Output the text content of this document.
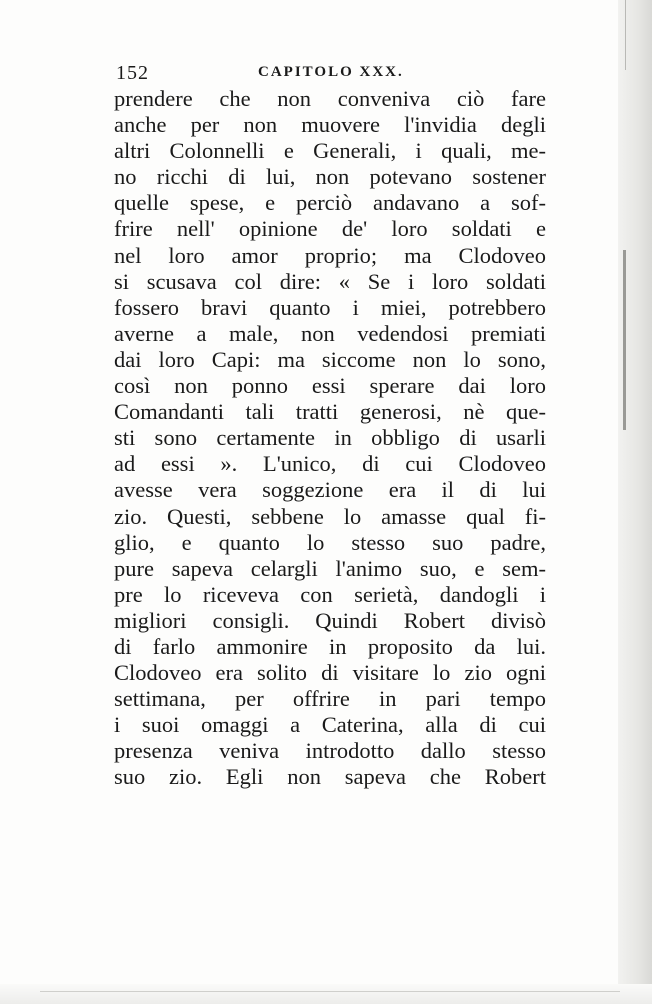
152	CAPITOLO XXX.
prendere che non conveniva ciò fare
anche per non muovere l'invidia degli
altri Colonnelli e Generali, i quali, me-
no ricchi di lui, non potevano sostener
quelle spese, e perciò andavano a sof-
frire nell' opinione de' loro soldati e
nel loro amor proprio; ma Clodoveo
si scusava col dire: « Se i loro soldati
fossero bravi quanto i miei, potrebbero
averne a male, non vedendosi premiati
dai loro Capi: ma siccome non lo sono,
così non ponno essi sperare dai loro
Comandanti tali tratti generosi, nè que-
sti sono certamente in obbligo di usarli
ad essi ». L'unico, di cui Clodoveo
avesse vera soggezione era il di lui
zio. Questi, sebbene lo amasse qual fi-
glio, e quanto lo stesso suo padre,
pure sapeva celargli l'animo suo, e sem-
pre lo riceveva con serietà, dandogli i
migliori consigli. Quindi Robert divisò
di farlo ammonire in proposito da lui.
Clodoveo era solito di visitare lo zio ogni
settimana, per offrire in pari tempo
i suoi omaggi a Caterina, alla di cui
presenza veniva introdotto dallo stesso
suo zio. Egli non sapeva che Robert
